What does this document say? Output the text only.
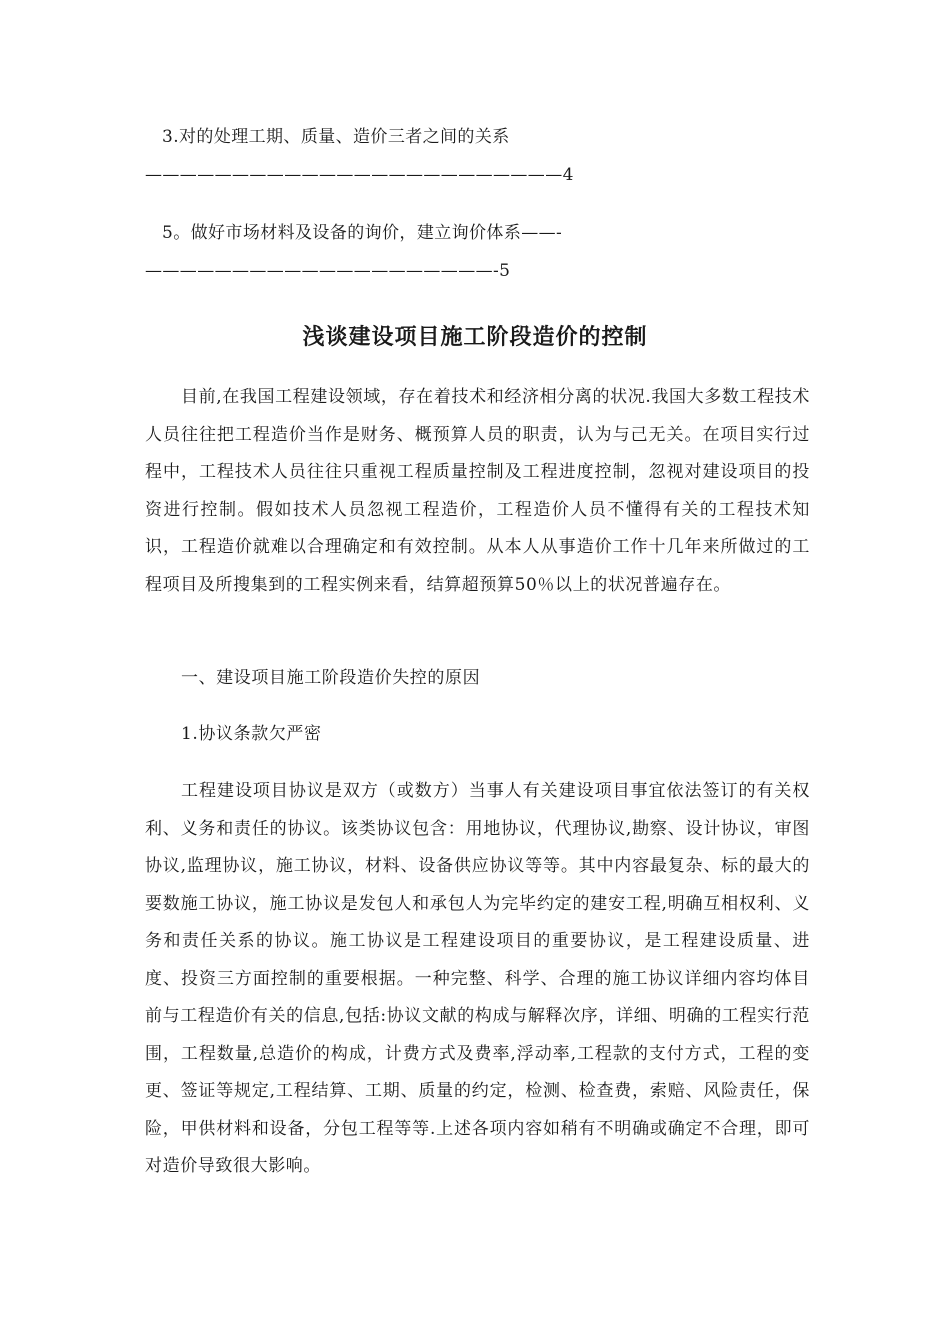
3.对的处理工期、质量、造价三者之间的关系————————————————————————4
5。做好市场材料及设备的询价，建立询价体系——-————————————————————-5
浅谈建设项目施工阶段造价的控制
目前,在我国工程建设领域，存在着技术和经济相分离的状况.我国大多数工程技术人员往往把工程造价当作是财务、概预算人员的职责，认为与己无关。在项目实行过程中，工程技术人员往往只重视工程质量控制及工程进度控制，忽视对建设项目的投资进行控制。假如技术人员忽视工程造价，工程造价人员不懂得有关的工程技术知识，工程造价就难以合理确定和有效控制。从本人从事造价工作十几年来所做过的工程项目及所搜集到的工程实例来看，结算超预算50％以上的状况普遍存在。
一、建设项目施工阶段造价失控的原因
1.协议条款欠严密
工程建设项目协议是双方（或数方）当事人有关建设项目事宜依法签订的有关权利、义务和责任的协议。该类协议包含：用地协议，代理协议,勘察、设计协议，审图协议,监理协议，施工协议，材料、设备供应协议等等。其中内容最复杂、标的最大的要数施工协议，施工协议是发包人和承包人为完毕约定的建安工程,明确互相权利、义务和责任关系的协议。施工协议是工程建设项目的重要协议，是工程建设质量、进度、投资三方面控制的重要根据。一种完整、科学、合理的施工协议详细内容均体目前与工程造价有关的信息,包括:协议文献的构成与解释次序，详细、明确的工程实行范围，工程数量,总造价的构成，计费方式及费率,浮动率,工程款的支付方式，工程的变更、签证等规定,工程结算、工期、质量的约定，检测、检查费，索赔、风险责任，保险，甲供材料和设备，分包工程等等.上述各项内容如稍有不明确或确定不合理，即可对造价导致很大影响。
